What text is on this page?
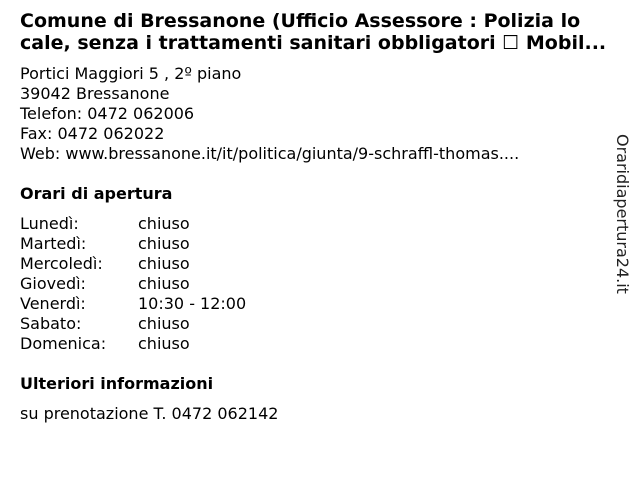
Comune di Bressanone (Ufficio Assessore : Polizia lo
cale, senza i trattamenti sanitari obbligatori ☐ Mobil...
Portici Maggiori 5 , 2º piano
39042 Bressanone
Telefon: 0472 062006
Fax: 0472 062022
Web: www.bressanone.it/it/politica/giunta/9-schraffl-thomas....
Orari di apertura
Lunedì:	chiuso
Martedì:	chiuso
Mercoledì: chiuso
Giovedì:	chiuso
Venerdì:	10:30 - 12:00
Sabato:	chiuso
Domenica: chiuso
Ulteriori informazioni
su prenotazione T. 0472 062142
Oraridiapertura24.it
